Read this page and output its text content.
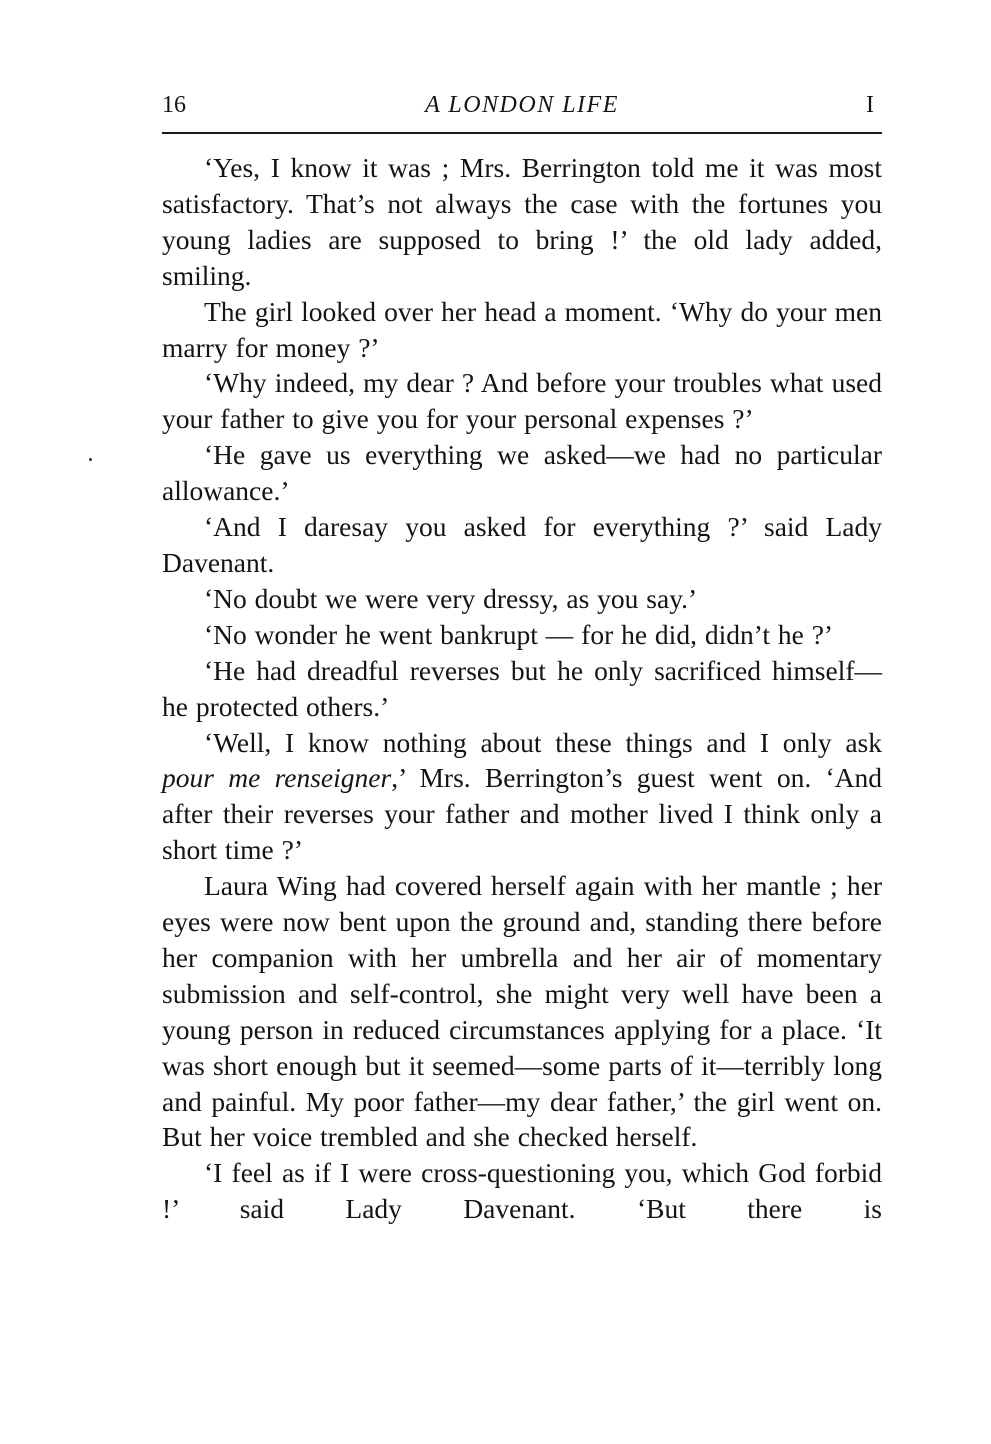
16	A LONDON LIFE	I

‘Yes, I know it was ; Mrs. Berrington told me it was most satisfactory. That’s not always the case with the fortunes you young ladies are supposed to bring !’ the old lady added, smiling.

The girl looked over her head a moment. ‘Why do your men marry for money ?’

‘Why indeed, my dear ? And before your troubles what used your father to give you for your personal expenses ?’

‘He gave us everything we asked—we had no particular allowance.’

‘And I daresay you asked for everything ?’ said Lady Davenant.

‘No doubt we were very dressy, as you say.’

‘No wonder he went bankrupt — for he did, didn’t he ?’

‘He had dreadful reverses but he only sacrificed himself—he protected others.’

‘Well, I know nothing about these things and I only ask pour me renseigner,’ Mrs. Berrington’s guest went on. ‘And after their reverses your father and mother lived I think only a short time ?’

Laura Wing had covered herself again with her mantle ; her eyes were now bent upon the ground and, standing there before her companion with her umbrella and her air of momentary submission and self-control, she might very well have been a young person in reduced circumstances applying for a place. ‘It was short enough but it seemed—some parts of it—terribly long and painful. My poor father—my dear father,’ the girl went on. But her voice trembled and she checked herself.

‘I feel as if I were cross-questioning you, which God forbid !’ said Lady Davenant. ‘But there is
